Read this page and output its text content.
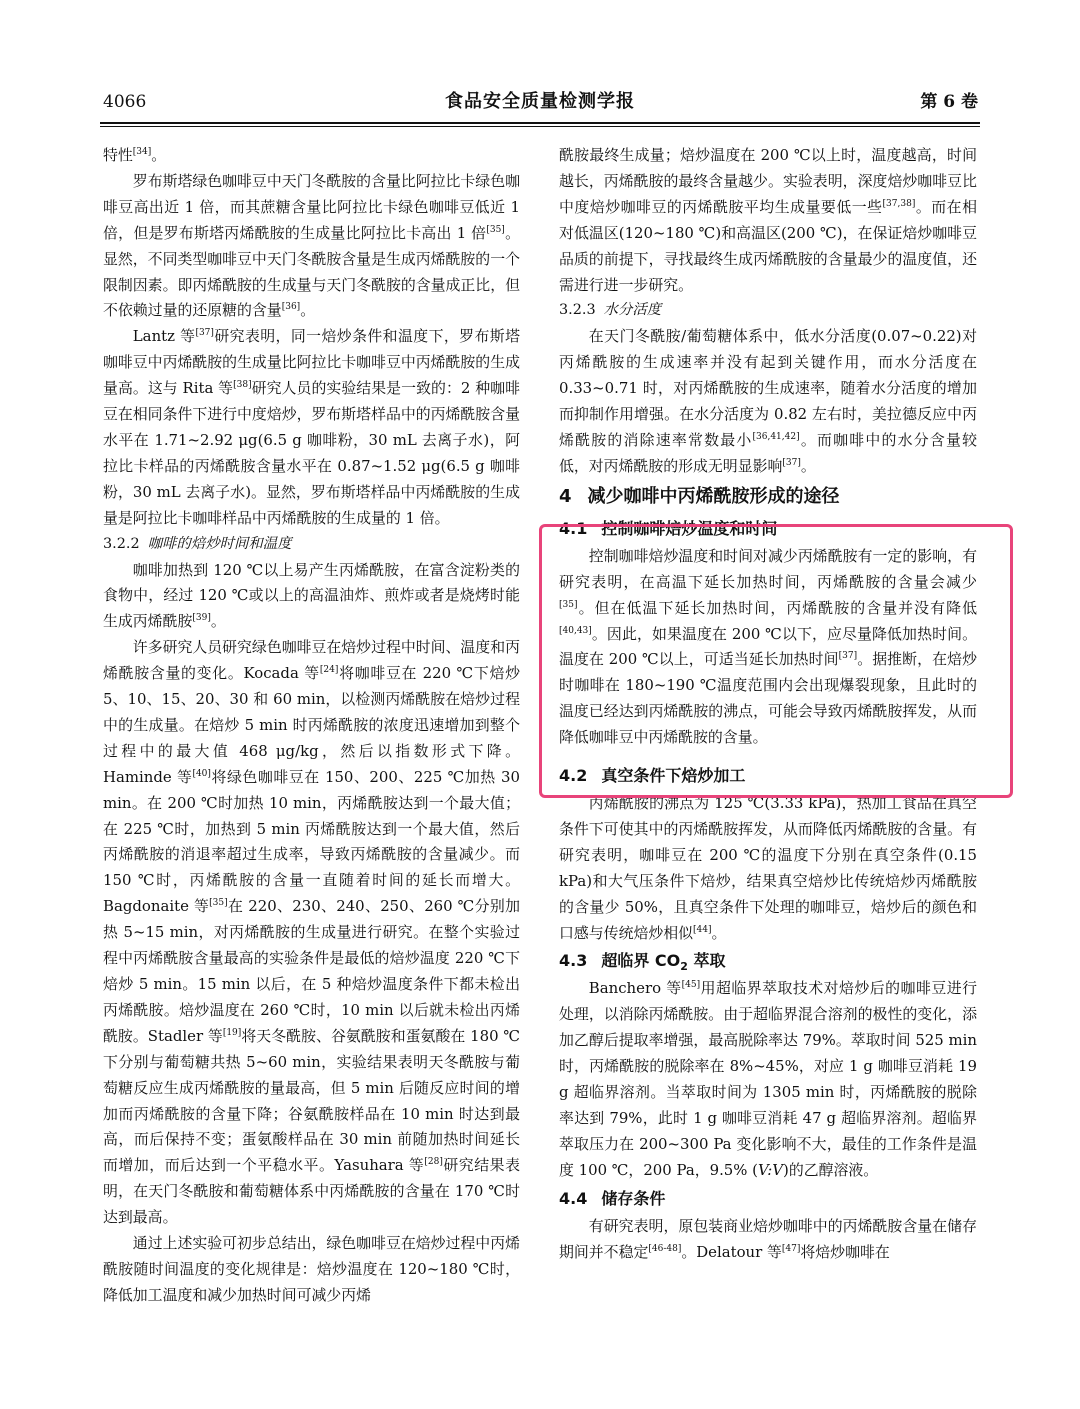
4066	食品安全质量检测学报	第 6 卷

特性[34]。

罗布斯塔绿色咖啡豆中天门冬酰胺的含量比阿拉比卡绿色咖啡豆高出近 1 倍，而其蔗糖含量比阿拉比卡绿色咖啡豆低近 1 倍，但是罗布斯塔丙烯酰胺的生成量比阿拉比卡高出 1 倍[35]。显然，不同类型咖啡豆中天门冬酰胺含量是生成丙烯酰胺的一个限制因素。即丙烯酰胺的生成量与天门冬酰胺的含量成正比，但不依赖过量的还原糖的含量[36]。

Lantz 等[37]研究表明，同一焙炒条件和温度下，罗布斯塔咖啡豆中丙烯酰胺的生成量比阿拉比卡咖啡豆中丙烯酰胺的生成量高。这与 Rita 等[38]研究人员的实验结果是一致的：2 种咖啡豆在相同条件下进行中度焙炒，罗布斯塔样品中的丙烯酰胺含量水平在 1.71~2.92 μg(6.5 g 咖啡粉，30 mL 去离子水)，阿拉比卡样品的丙烯酰胺含量水平在 0.87~1.52 μg(6.5 g 咖啡粉，30 mL 去离子水)。显然，罗布斯塔样品中丙烯酰胺的生成量是阿拉比卡咖啡样品中丙烯酰胺的生成量的 1 倍。

3.2.2 咖啡的焙炒时间和温度

咖啡加热到 120 ℃以上易产生丙烯酰胺，在富含淀粉类的食物中，经过 120 ℃或以上的高温油炸、煎炸或者是烧烤时能生成丙烯酰胺[39]。

许多研究人员研究绿色咖啡豆在焙炒过程中时间、温度和丙烯酰胺含量的变化。Kocada 等[24]将咖啡豆在 220 ℃下焙炒 5、10、15、20、30 和 60 min，以检测丙烯酰胺在焙炒过程中的生成量。在焙炒 5 min 时丙烯酰胺的浓度迅速增加到整个过程中的最大值 468 μg/kg，然后以指数形式下降。Haminde 等[40]将绿色咖啡豆在 150、200、225 ℃加热 30 min。在 200 ℃时加热 10 min，丙烯酰胺达到一个最大值；在 225 ℃时，加热到 5 min 丙烯酰胺达到一个最大值，然后丙烯酰胺的消退率超过生成率，导致丙烯酰胺的含量减少。而 150 ℃时，丙烯酰胺的含量一直随着时间的延长而增大。Bagdonaite 等[35]在 220、230、240、250、260 ℃分别加热 5~15 min，对丙烯酰胺的生成量进行研究。在整个实验过程中丙烯酰胺含量最高的实验条件是最低的焙炒温度 220 ℃下焙炒 5 min。15 min 以后，在 5 种焙炒温度条件下都未检出丙烯酰胺。焙炒温度在 260 ℃时，10 min 以后就未检出丙烯酰胺。Stadler 等[19]将天冬酰胺、谷氨酰胺和蛋氨酸在 180 ℃下分别与葡萄糖共热 5~60 min，实验结果表明天冬酰胺与葡萄糖反应生成丙烯酰胺的量最高，但 5 min 后随反应时间的增加而丙烯酰胺的含量下降；谷氨酰胺样品在 10 min 时达到最高，而后保持不变；蛋氨酸样品在 30 min 前随加热时间延长而增加，而后达到一个平稳水平。Yasuhara 等[28]研究结果表明，在天门冬酰胺和葡萄糖体系中丙烯酰胺的含量在 170 ℃时达到最高。

通过上述实验可初步总结出，绿色咖啡豆在焙炒过程中丙烯酰胺随时间温度的变化规律是：焙炒温度在 120~180 ℃时，降低加工温度和减少加热时间可减少丙烯

酰胺最终生成量；焙炒温度在 200 ℃以上时，温度越高，时间越长，丙烯酰胺的最终含量越少。实验表明，深度焙炒咖啡豆比中度焙炒咖啡豆的丙烯酰胺平均生成量要低一些[37,38]。而在相对低温区(120~180 ℃)和高温区(200 ℃)，在保证焙炒咖啡豆品质的前提下，寻找最终生成丙烯酰胺的含量最少的温度值，还需进行进一步研究。

3.2.3 水分活度

在天门冬酰胺/葡萄糖体系中，低水分活度(0.07~0.22)对丙烯酰胺的生成速率并没有起到关键作用，而水分活度在 0.33~0.71 时，对丙烯酰胺的生成速率，随着水分活度的增加而抑制作用增强。在水分活度为 0.82 左右时，美拉德反应中丙烯酰胺的消除速率常数最小[36,41,42]。而咖啡中的水分含量较低，对丙烯酰胺的形成无明显影响[37]。

4 减少咖啡中丙烯酰胺形成的途径

4.1 控制咖啡焙炒温度和时间

控制咖啡焙炒温度和时间对减少丙烯酰胺有一定的影响，有研究表明，在高温下延长加热时间，丙烯酰胺的含量会减少[35]。但在低温下延长加热时间，丙烯酰胺的含量并没有降低[40,43]。因此，如果温度在 200 ℃以下，应尽量降低加热时间。温度在 200 ℃以上，可适当延长加热时间[37]。据推断，在焙炒时咖啡在 180~190 ℃温度范围内会出现爆裂现象，且此时的温度已经达到丙烯酰胺的沸点，可能会导致丙烯酰胺挥发，从而降低咖啡豆中丙烯酰胺的含量。

4.2 真空条件下焙炒加工

丙烯酰胺的沸点为 125 ℃(3.33 kPa)，热加工食品在真空条件下可使其中的丙烯酰胺挥发，从而降低丙烯酰胺的含量。有研究表明，咖啡豆在 200 ℃的温度下分别在真空条件(0.15 kPa)和大气压条件下焙炒，结果真空焙炒比传统焙炒丙烯酰胺的含量少 50%，且真空条件下处理的咖啡豆，焙炒后的颜色和口感与传统焙炒相似[44]。

4.3 超临界 $CO_2$ 萃取

Banchero 等[45]用超临界萃取技术对焙炒后的咖啡豆进行处理，以消除丙烯酰胺。由于超临界混合溶剂的极性的变化，添加乙醇后提取率增强，最高脱除率达 79%。萃取时间 525 min 时，丙烯酰胺的脱除率在 8%~45%，对应 1 g 咖啡豆消耗 19 g 超临界溶剂。当萃取时间为 1305 min 时，丙烯酰胺的脱除率达到 79%，此时 1 g 咖啡豆消耗 47 g 超临界溶剂。超临界萃取压力在 200~300 Pa 变化影响不大，最佳的工作条件是温度 100 ℃，200 Pa，9.5% (V:V)的乙醇溶液。

4.4 储存条件

有研究表明，原包装商业焙炒咖啡中的丙烯酰胺含量在储存期间并不稳定[46-48]。Delatour 等[47]将焙炒咖啡在
